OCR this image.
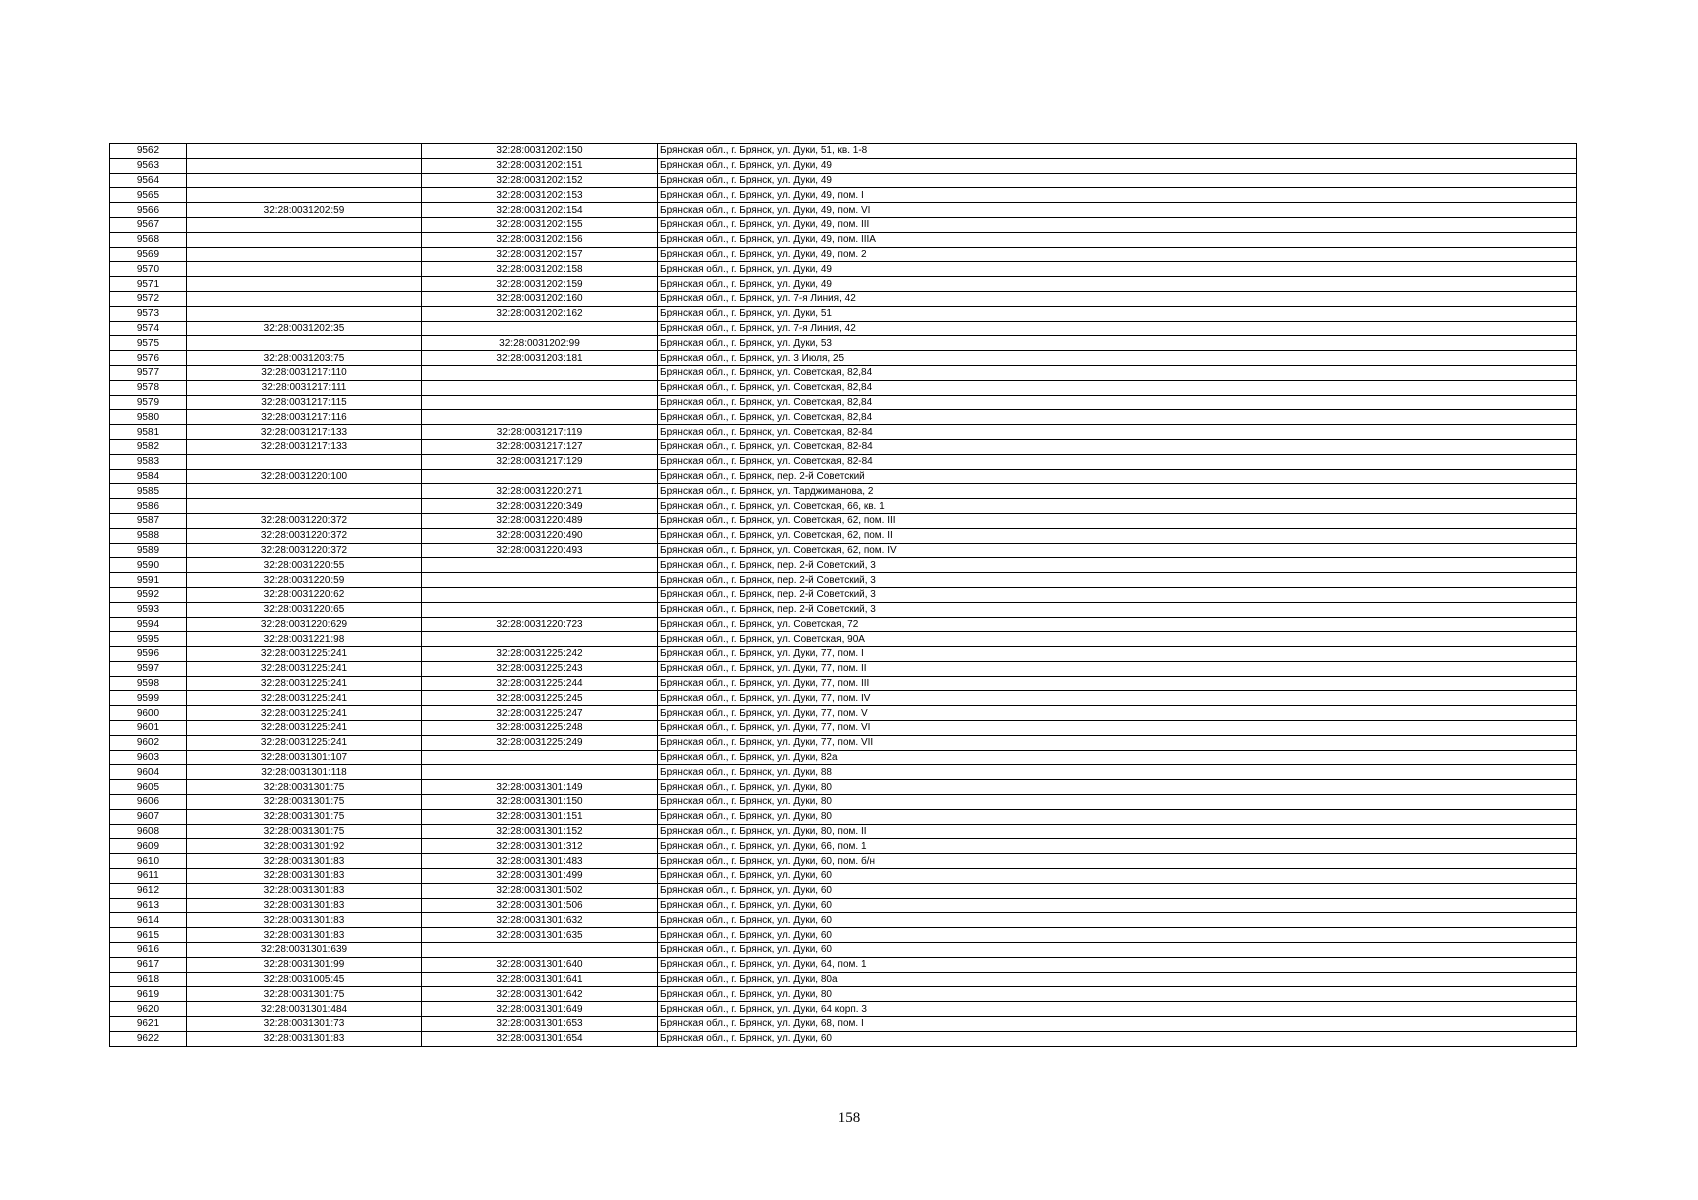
9562		32:28:0031202:150	Брянская обл., г. Брянск, ул. Дуки, 51, кв. 1-8
9563		32:28:0031202:151	Брянская обл., г. Брянск, ул. Дуки, 49
9564		32:28:0031202:152	Брянская обл., г. Брянск, ул. Дуки, 49
9565		32:28:0031202:153	Брянская обл., г. Брянск, ул. Дуки, 49, пом. I
9566	32:28:0031202:59	32:28:0031202:154	Брянская обл., г. Брянск, ул. Дуки, 49, пом. VI
9567		32:28:0031202:155	Брянская обл., г. Брянск, ул. Дуки, 49, пом. III
9568		32:28:0031202:156	Брянская обл., г. Брянск, ул. Дуки, 49, пом. IIIA
9569		32:28:0031202:157	Брянская обл., г. Брянск, ул. Дуки, 49, пом. 2
9570		32:28:0031202:158	Брянская обл., г. Брянск, ул. Дуки, 49
9571		32:28:0031202:159	Брянская обл., г. Брянск, ул. Дуки, 49
9572		32:28:0031202:160	Брянская обл., г. Брянск, ул. 7-я Линия, 42
9573		32:28:0031202:162	Брянская обл., г. Брянск, ул. Дуки, 51
9574	32:28:0031202:35		Брянская обл., г. Брянск, ул. 7-я Линия, 42
9575		32:28:0031202:99	Брянская обл., г. Брянск, ул. Дуки, 53
9576	32:28:0031203:75	32:28:0031203:181	Брянская обл., г. Брянск, ул. 3 Июля, 25
9577	32:28:0031217:110		Брянская обл., г. Брянск, ул. Советская, 82,84
9578	32:28:0031217:111		Брянская обл., г. Брянск, ул. Советская, 82,84
9579	32:28:0031217:115		Брянская обл., г. Брянск, ул. Советская, 82,84
9580	32:28:0031217:116		Брянская обл., г. Брянск, ул. Советская, 82,84
9581	32:28:0031217:133	32:28:0031217:119	Брянская обл., г. Брянск, ул. Советская, 82-84
9582	32:28:0031217:133	32:28:0031217:127	Брянская обл., г. Брянск, ул. Советская, 82-84
9583		32:28:0031217:129	Брянская обл., г. Брянск, ул. Советская, 82-84
9584	32:28:0031220:100		Брянская обл., г. Брянск, пер. 2-й Советский
9585		32:28:0031220:271	Брянская обл., г. Брянск, ул. Тарджиманова, 2
9586		32:28:0031220:349	Брянская обл., г. Брянск, ул. Советская, 66, кв. 1
9587	32:28:0031220:372	32:28:0031220:489	Брянская обл., г. Брянск, ул. Советская, 62, пом. III
9588	32:28:0031220:372	32:28:0031220:490	Брянская обл., г. Брянск, ул. Советская, 62, пом. II
9589	32:28:0031220:372	32:28:0031220:493	Брянская обл., г. Брянск, ул. Советская, 62, пом. IV
9590	32:28:0031220:55		Брянская обл., г. Брянск, пер. 2-й Советский, 3
9591	32:28:0031220:59		Брянская обл., г. Брянск, пер. 2-й Советский, 3
9592	32:28:0031220:62		Брянская обл., г. Брянск, пер. 2-й Советский, 3
9593	32:28:0031220:65		Брянская обл., г. Брянск, пер. 2-й Советский, 3
9594	32:28:0031220:629	32:28:0031220:723	Брянская обл., г. Брянск, ул. Советская, 72
9595	32:28:0031221:98		Брянская обл., г. Брянск, ул. Советская, 90А
9596	32:28:0031225:241	32:28:0031225:242	Брянская обл., г. Брянск, ул. Дуки, 77, пом. I
9597	32:28:0031225:241	32:28:0031225:243	Брянская обл., г. Брянск, ул. Дуки, 77, пом. II
9598	32:28:0031225:241	32:28:0031225:244	Брянская обл., г. Брянск, ул. Дуки, 77, пом. III
9599	32:28:0031225:241	32:28:0031225:245	Брянская обл., г. Брянск, ул. Дуки, 77, пом. IV
9600	32:28:0031225:241	32:28:0031225:247	Брянская обл., г. Брянск, ул. Дуки, 77, пом. V
9601	32:28:0031225:241	32:28:0031225:248	Брянская обл., г. Брянск, ул. Дуки, 77, пом. VI
9602	32:28:0031225:241	32:28:0031225:249	Брянская обл., г. Брянск, ул. Дуки, 77, пом. VII
9603	32:28:0031301:107		Брянская обл., г. Брянск, ул. Дуки, 82а
9604	32:28:0031301:118		Брянская обл., г. Брянск, ул. Дуки, 88
9605	32:28:0031301:75	32:28:0031301:149	Брянская обл., г. Брянск, ул. Дуки, 80
9606	32:28:0031301:75	32:28:0031301:150	Брянская обл., г. Брянск, ул. Дуки, 80
9607	32:28:0031301:75	32:28:0031301:151	Брянская обл., г. Брянск, ул. Дуки, 80
9608	32:28:0031301:75	32:28:0031301:152	Брянская обл., г. Брянск, ул. Дуки, 80, пом. II
9609	32:28:0031301:92	32:28:0031301:312	Брянская обл., г. Брянск, ул. Дуки, 66, пом. 1
9610	32:28:0031301:83	32:28:0031301:483	Брянская обл., г. Брянск, ул. Дуки, 60, пом. б/н
9611	32:28:0031301:83	32:28:0031301:499	Брянская обл., г. Брянск, ул. Дуки, 60
9612	32:28:0031301:83	32:28:0031301:502	Брянская обл., г. Брянск, ул. Дуки, 60
9613	32:28:0031301:83	32:28:0031301:506	Брянская обл., г. Брянск, ул. Дуки, 60
9614	32:28:0031301:83	32:28:0031301:632	Брянская обл., г. Брянск, ул. Дуки, 60
9615	32:28:0031301:83	32:28:0031301:635	Брянская обл., г. Брянск, ул. Дуки, 60
9616	32:28:0031301:639		Брянская обл., г. Брянск, ул. Дуки, 60
9617	32:28:0031301:99	32:28:0031301:640	Брянская обл., г. Брянск, ул. Дуки, 64, пом. 1
9618	32:28:0031005:45	32:28:0031301:641	Брянская обл., г. Брянск, ул. Дуки, 80а
9619	32:28:0031301:75	32:28:0031301:642	Брянская обл., г. Брянск, ул. Дуки, 80
9620	32:28:0031301:484	32:28:0031301:649	Брянская обл., г. Брянск, ул. Дуки, 64 корп. 3
9621	32:28:0031301:73	32:28:0031301:653	Брянская обл., г. Брянск, ул. Дуки, 68, пом. I
9622	32:28:0031301:83	32:28:0031301:654	Брянская обл., г. Брянск, ул. Дуки, 60
158
